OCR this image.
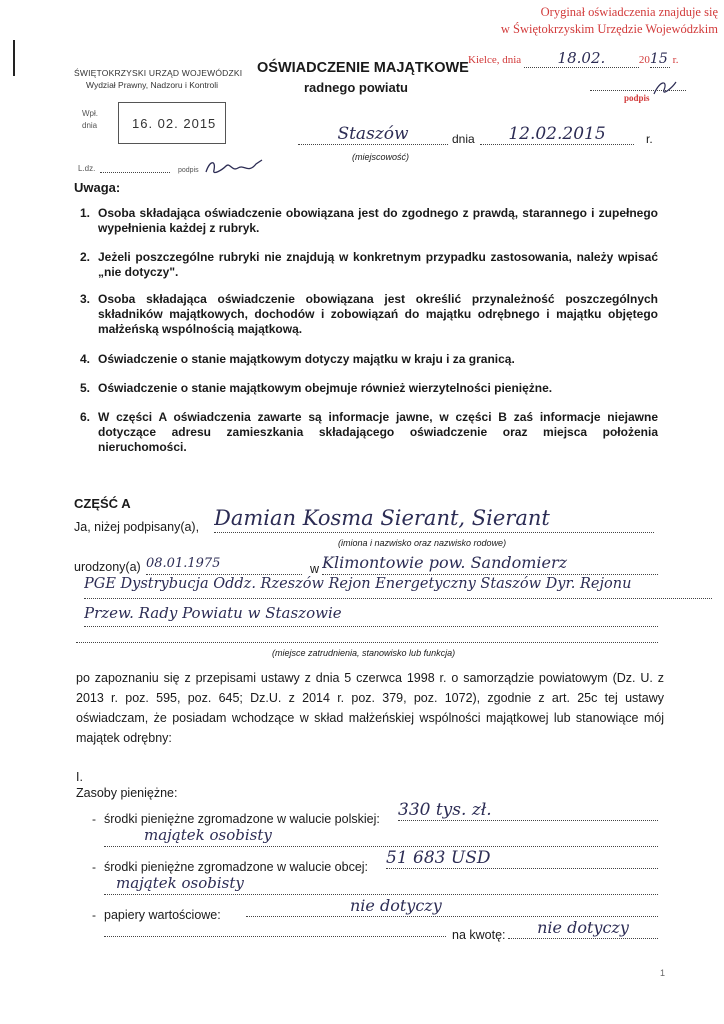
Oryginał oświadczenia znajduje się
w Świętokrzyskim Urzędzie Wojewódzkim
Kielce, dnia 18.02.	2015 r.
podpis
ŚWIĘTOKRZYSKI URZĄD WOJEWÓDZKI
Wydział Prawny, Nadzoru i Kontroli
Wpł.
dnia	16. 02. 2015
L.dz.	podpis
OŚWIADCZENIE MAJĄTKOWE
radnego powiatu
Staszów	dnia	12.02.2015	r.
(miejscowość)
Uwaga:
1. Osoba składająca oświadczenie obowiązana jest do zgodnego z prawdą, starannego i zupełnego wypełnienia każdej z rubryk.
2. Jeżeli poszczególne rubryki nie znajdują w konkretnym przypadku zastosowania, należy wpisać „nie dotyczy".
3. Osoba składająca oświadczenie obowiązana jest określić przynależność poszczególnych składników majątkowych, dochodów i zobowiązań do majątku odrębnego i majątku objętego małżeńską wspólnością majątkową.
4. Oświadczenie o stanie majątkowym dotyczy majątku w kraju i za granicą.
5. Oświadczenie o stanie majątkowym obejmuje również wierzytelności pieniężne.
6. W części A oświadczenia zawarte są informacje jawne, w części B zaś informacje niejawne dotyczące adresu zamieszkania składającego oświadczenie oraz miejsca położenia nieruchomości.
CZĘŚĆ A
Ja, niżej podpisany(a), Damian Kosma Sierant, Sierant
(imiona i nazwisko oraz nazwisko rodowe)
urodzony(a) 08.01.1975	w Klimontowie pow. Sandomierz
PGE Dystrybucja Oddz. Rzeszów Rejon Energetyczny Staszów Dyr. Rejonu
Przew. Rady Powiatu w Staszowie
(miejsce zatrudnienia, stanowisko lub funkcja)
po zapoznaniu się z przepisami ustawy z dnia 5 czerwca 1998 r. o samorządzie powiatowym (Dz. U. z 2013 r. poz. 595, poz. 645; Dz.U. z 2014 r. poz. 379, poz. 1072), zgodnie z art. 25c tej ustawy oświadczam, że posiadam wchodzące w skład małżeńskiej wspólności majątkowej lub stanowiące mój majątek odrębny:
I.
Zasoby pieniężne:
- środki pieniężne zgromadzone w walucie polskiej: 330 tys. zł.
majątek osobisty
- środki pieniężne zgromadzone w walucie obcej: 51 683 USD
majątek osobisty
- papiery wartościowe:	nie dotyczy
na kwotę:	nie dotyczy
1
